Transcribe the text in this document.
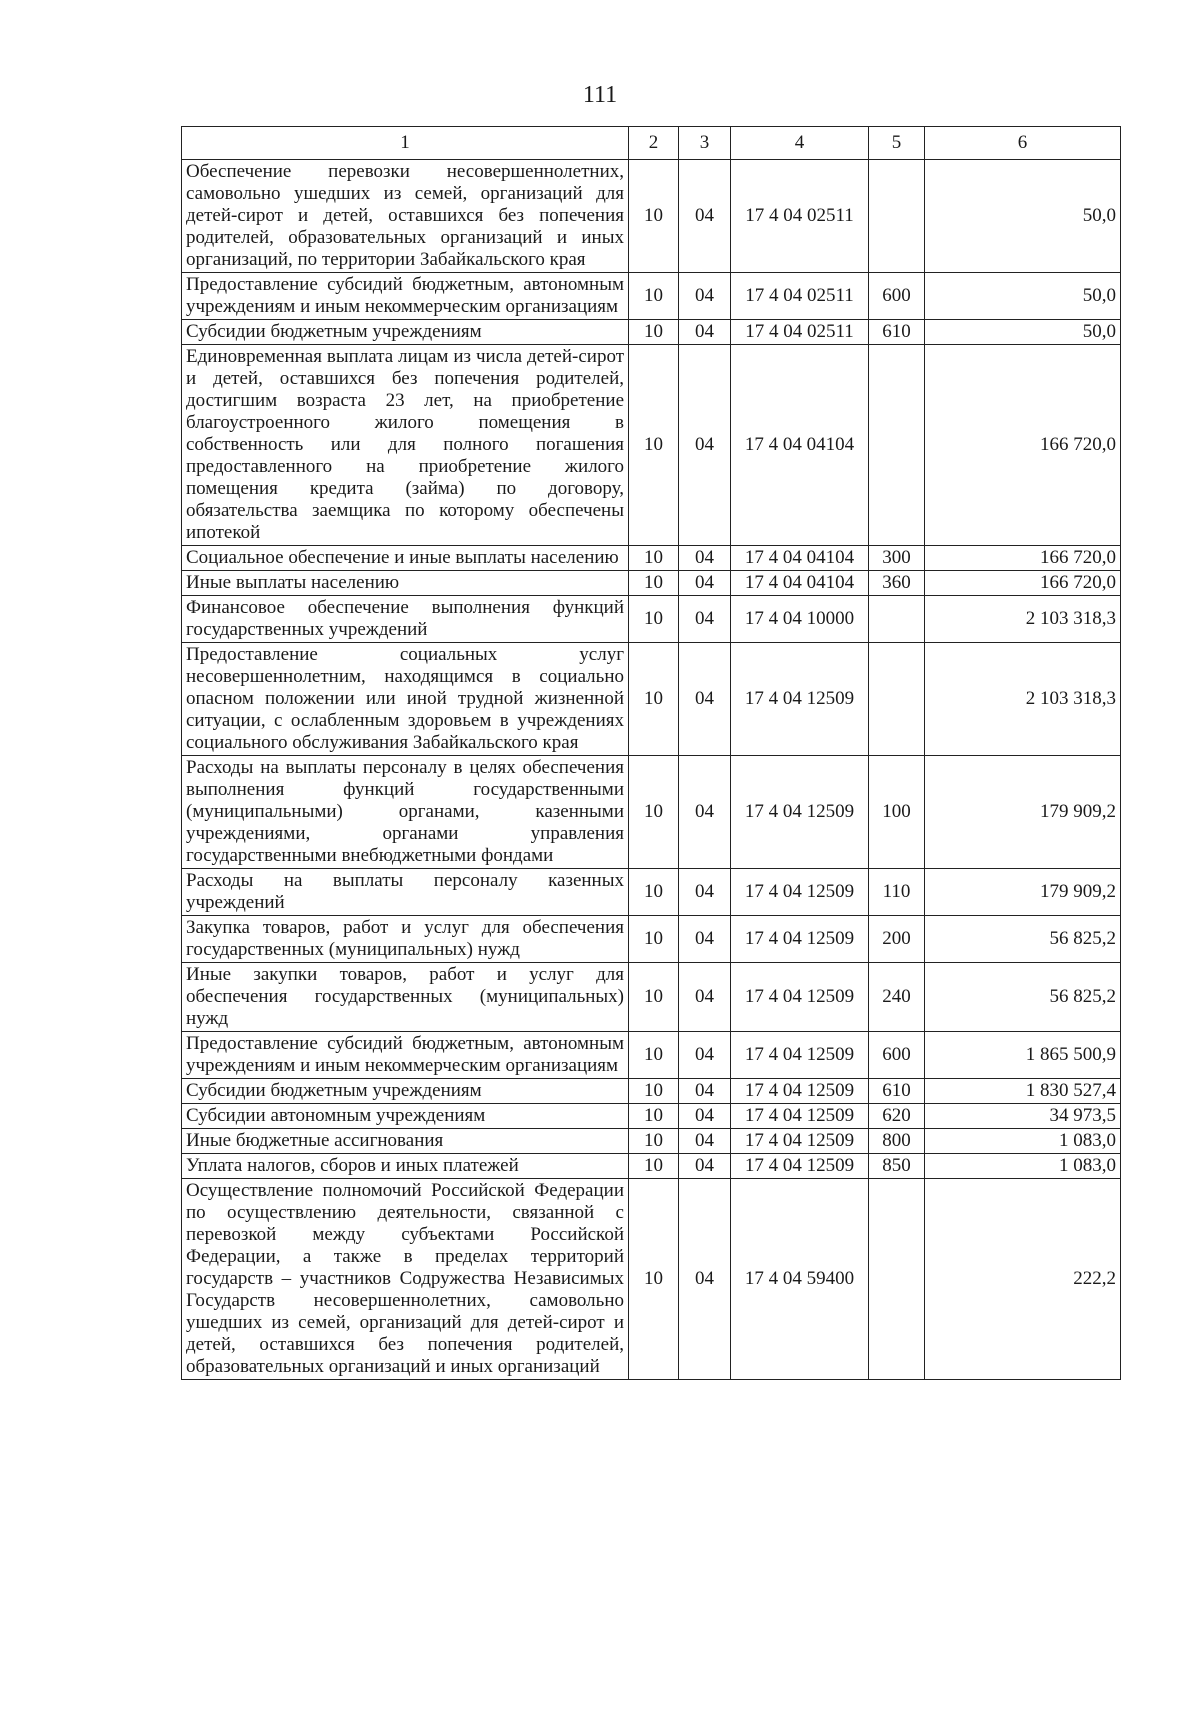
111
1	2	3	4	5	6
Обеспечение перевозки несовершеннолетних, самовольно ушедших из семей, организаций для детей-сирот и детей, оставшихся без попечения родителей, образовательных организаций и иных организаций, по территории Забайкальского края	10	04	17 4 04 02511		50,0
Предоставление субсидий бюджетным, автономным учреждениям и иным некоммерческим организациям	10	04	17 4 04 02511	600	50,0
Субсидии бюджетным учреждениям	10	04	17 4 04 02511	610	50,0
Единовременная выплата лицам из числа детей-сирот и детей, оставшихся без попечения родителей, достигшим возраста 23 лет, на приобретение благоустроенного жилого помещения в собственность или для полного погашения предоставленного на приобретение жилого помещения кредита (займа) по договору, обязательства заемщика по которому обеспечены ипотекой	10	04	17 4 04 04104		166 720,0
Социальное обеспечение и иные выплаты населению	10	04	17 4 04 04104	300	166 720,0
Иные выплаты населению	10	04	17 4 04 04104	360	166 720,0
Финансовое обеспечение выполнения функций государственных учреждений	10	04	17 4 04 10000		2 103 318,3
Предоставление социальных услуг несовершеннолетним, находящимся в социально опасном положении или иной трудной жизненной ситуации, с ослабленным здоровьем в учреждениях социального обслуживания Забайкальского края	10	04	17 4 04 12509		2 103 318,3
Расходы на выплаты персоналу в целях обеспечения выполнения функций государственными (муниципальными) органами, казенными учреждениями, органами управления государственными внебюджетными фондами	10	04	17 4 04 12509	100	179 909,2
Расходы на выплаты персоналу казенных учреждений	10	04	17 4 04 12509	110	179 909,2
Закупка товаров, работ и услуг для обеспечения государственных (муниципальных) нужд	10	04	17 4 04 12509	200	56 825,2
Иные закупки товаров, работ и услуг для обеспечения государственных (муниципальных) нужд	10	04	17 4 04 12509	240	56 825,2
Предоставление субсидий бюджетным, автономным учреждениям и иным некоммерческим организациям	10	04	17 4 04 12509	600	1 865 500,9
Субсидии бюджетным учреждениям	10	04	17 4 04 12509	610	1 830 527,4
Субсидии автономным учреждениям	10	04	17 4 04 12509	620	34 973,5
Иные бюджетные ассигнования	10	04	17 4 04 12509	800	1 083,0
Уплата налогов, сборов и иных платежей	10	04	17 4 04 12509	850	1 083,0
Осуществление полномочий Российской Федерации по осуществлению деятельности, связанной с перевозкой между субъектами Российской Федерации, а также в пределах территорий государств – участников Содружества Независимых Государств несовершеннолетних, самовольно ушедших из семей, организаций для детей-сирот и детей, оставшихся без попечения родителей, образовательных организаций и иных организаций	10	04	17 4 04 59400		222,2
